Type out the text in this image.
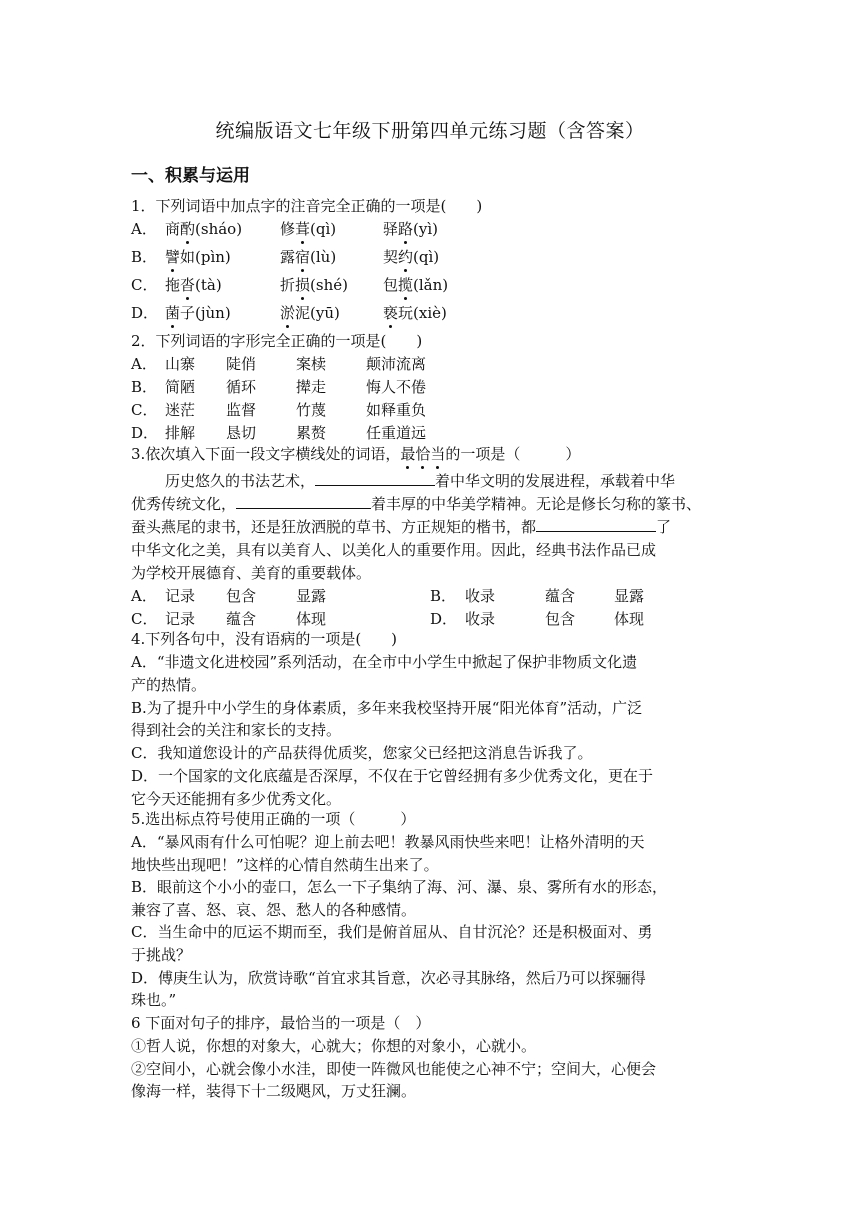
统编版语文七年级下册第四单元练习题（含答案）
一、积累与运用
1．下列词语中加点字的注音完全正确的一项是(　　)
A． 商酌(sháo)	修葺(qì)	驿路(yì)
B． 譬如(pìn)	露宿(lù)	契约(qì)
C． 拖沓(tà)	折损(shé) 包揽(lǎn)
D． 菌子(jùn)	淤泥(yū)	亵玩(xiè)
2．下列词语的字形完全正确的一项是(　　)
A． 山寨 陡俏	案椟	颠沛流离
B． 简陋 循环	撵走	悔人不倦
C． 迷茫 监督	竹蔑	如释重负
D． 排解 恳切	累赘	任重道远
3.依次填入下面一段文字横线处的词语，最恰当的一项是（　　　）
历史悠久的书法艺术，	着中华文明的发展进程，承载着中华
优秀传统文化，	着丰厚的中华美学精神。无论是修长匀称的篆书、
蚕头燕尾的隶书，还是狂放洒脱的草书、方正规矩的楷书，都	了
中华文化之美，具有以美育人、以美化人的重要作用。因此，经典书法作品已成
为学校开展德育、美育的重要载体。
A． 记录 包含	显露	B． 收录	蕴含	显露
C． 记录 蕴含	体现	D． 收录	包含	体现
4.下列各句中，没有语病的一项是(　　)
A．“非遗文化进校园”系列活动，在全市中小学生中掀起了保护非物质文化遗
产的热情。
B.为了提升中小学生的身体素质，多年来我校坚持开展“阳光体育”活动，广泛
得到社会的关注和家长的支持。
C．我知道您设计的产品获得优质奖，您家父已经把这消息告诉我了。
D．一个国家的文化底蕴是否深厚，不仅在于它曾经拥有多少优秀文化，更在于
它今天还能拥有多少优秀文化。
5.选出标点符号使用正确的一项（　　　）
A．“暴风雨有什么可怕呢？迎上前去吧！教暴风雨快些来吧！让格外清明的天
地快些出现吧！”这样的心情自然萌生出来了。
B．眼前这个小小的壶口，怎么一下子集纳了海、河、瀑、泉、雾所有水的形态，
兼容了喜、怒、哀、怨、愁人的各种感情。
C．当生命中的厄运不期而至，我们是俯首屈从、自甘沉沦？还是积极面对、勇
于挑战？
D．傅庚生认为，欣赏诗歌“首宜求其旨意，次必寻其脉络，然后乃可以探骊得
珠也。”
6 下面对句子的排序，最恰当的一项是（　）
①哲人说，你想的对象大，心就大；你想的对象小，心就小。
②空间小，心就会像小水洼，即使一阵微风也能使之心神不宁；空间大，心便会
像海一样，装得下十二级飓风，万丈狂澜。
